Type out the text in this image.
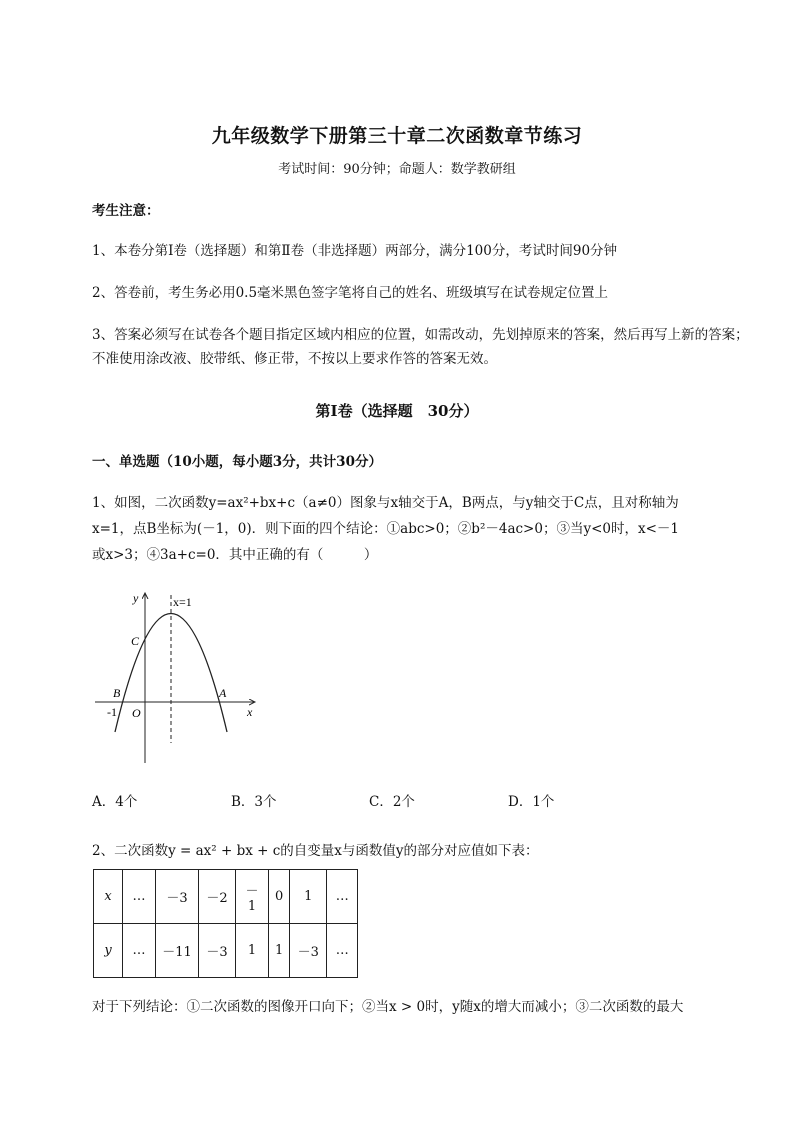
九年级数学下册第三十章二次函数章节练习
考试时间：90分钟；命题人：数学教研组
考生注意：
1、本卷分第I卷（选择题）和第Ⅱ卷（非选择题）两部分，满分100分，考试时间90分钟
2、答卷前，考生务必用0.5毫米黑色签字笔将自己的姓名、班级填写在试卷规定位置上
3、答案必须写在试卷各个题目指定区域内相应的位置，如需改动，先划掉原来的答案，然后再写上新的答案；不准使用涂改液、胶带纸、修正带，不按以上要求作答的答案无效。
第I卷（选择题　30分）
一、单选题（10小题，每小题3分，共计30分）
1、如图，二次函数y=ax²+bx+c（a≠0）图象与x轴交于A，B两点，与y轴交于C点，且对称轴为
x=1，点B坐标为(－1，0)．则下面的四个结论：①abc>0；②b²－4ac>0；③当y<0时，x<－1
或x>3；④3a+c=0．其中正确的有（　　　）
y	x=1
C
B	A
-1 O	x
A．4个	B．3个	C．2个	D．1个
2、二次函数y = ax² + bx + c的自变量x与函数值y的部分对应值如下表：
x	…	－3	－2	－1	0	1	…
y	…	－11	－3	1	1	－3	…
对于下列结论：①二次函数的图像开口向下；②当x > 0时，y随x的增大而减小；③二次函数的最大
